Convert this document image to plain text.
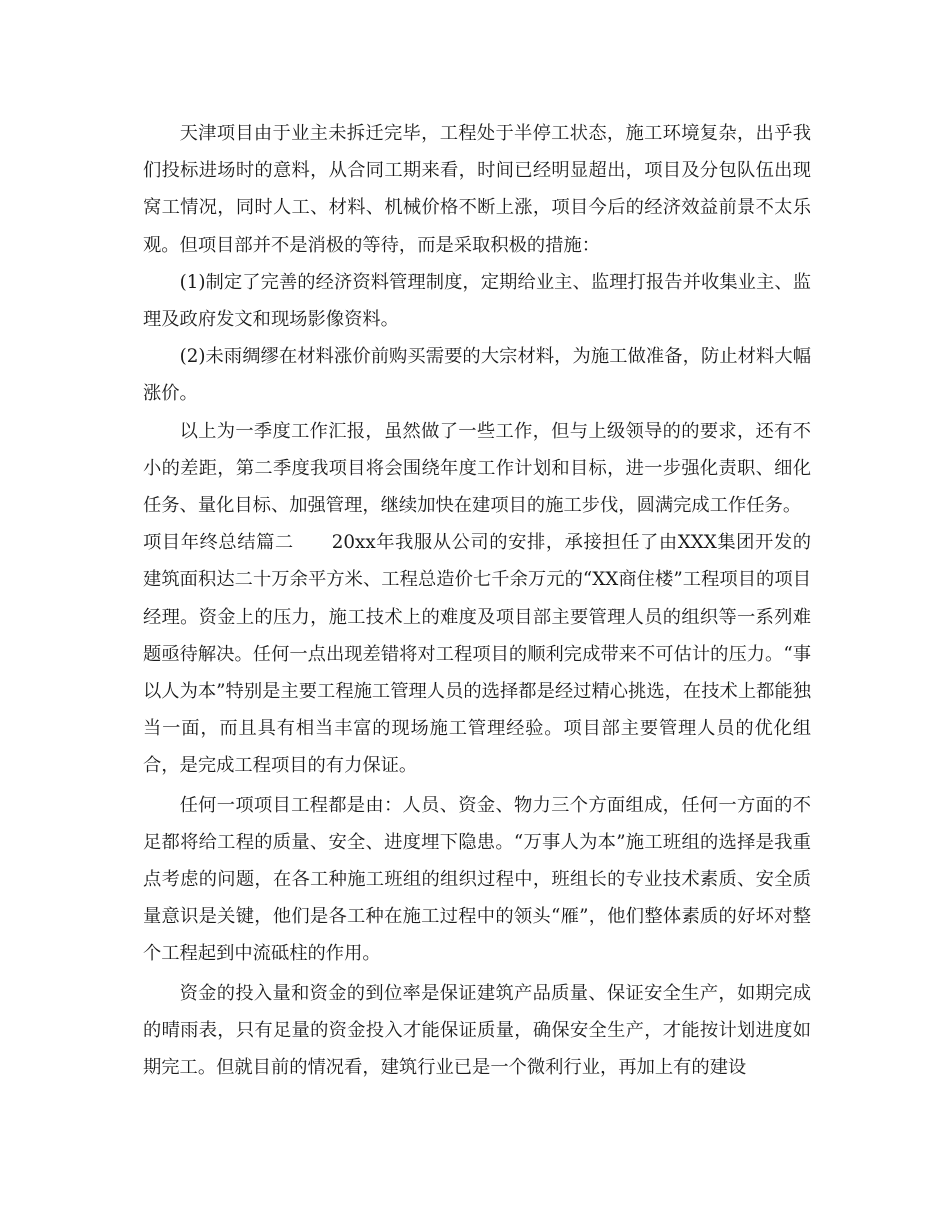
天津项目由于业主未拆迁完毕，工程处于半停工状态，施工环境复杂，出乎我们投标进场时的意料，从合同工期来看，时间已经明显超出，项目及分包队伍出现窝工情况，同时人工、材料、机械价格不断上涨，项目今后的经济效益前景不太乐观。但项目部并不是消极的等待，而是采取积极的措施：

(1)制定了完善的经济资料管理制度，定期给业主、监理打报告并收集业主、监理及政府发文和现场影像资料。

(2)未雨绸缪在材料涨价前购买需要的大宗材料，为施工做准备，防止材料大幅涨价。

以上为一季度工作汇报，虽然做了一些工作，但与上级领导的的要求，还有不小的差距，第二季度我项目将会围绕年度工作计划和目标，进一步强化责职、细化任务、量化目标、加强管理，继续加快在建项目的施工步伐，圆满完成工作任务。

项目年终总结篇二 20xx年我服从公司的安排，承接担任了由XXX集团开发的建筑面积达二十万余平方米、工程总造价七千余万元的“XX商住楼”工程项目的项目经理。资金上的压力，施工技术上的难度及项目部主要管理人员的组织等一系列难题亟待解决。任何一点出现差错将对工程项目的顺利完成带来不可估计的压力。“事以人为本”特别是主要工程施工管理人员的选择都是经过精心挑选，在技术上都能独当一面，而且具有相当丰富的现场施工管理经验。项目部主要管理人员的优化组合，是完成工程项目的有力保证。

任何一项项目工程都是由：人员、资金、物力三个方面组成，任何一方面的不足都将给工程的质量、安全、进度埋下隐患。“万事人为本”施工班组的选择是我重点考虑的问题，在各工种施工班组的组织过程中，班组长的专业技术素质、安全质量意识是关键，他们是各工种在施工过程中的领头“雁”，他们整体素质的好坏对整个工程起到中流砥柱的作用。

资金的投入量和资金的到位率是保证建筑产品质量、保证安全生产，如期完成的晴雨表，只有足量的资金投入才能保证质量，确保安全生产，才能按计划进度如期完工。但就目前的情况看，建筑行业已是一个微利行业，再加上有的建设
